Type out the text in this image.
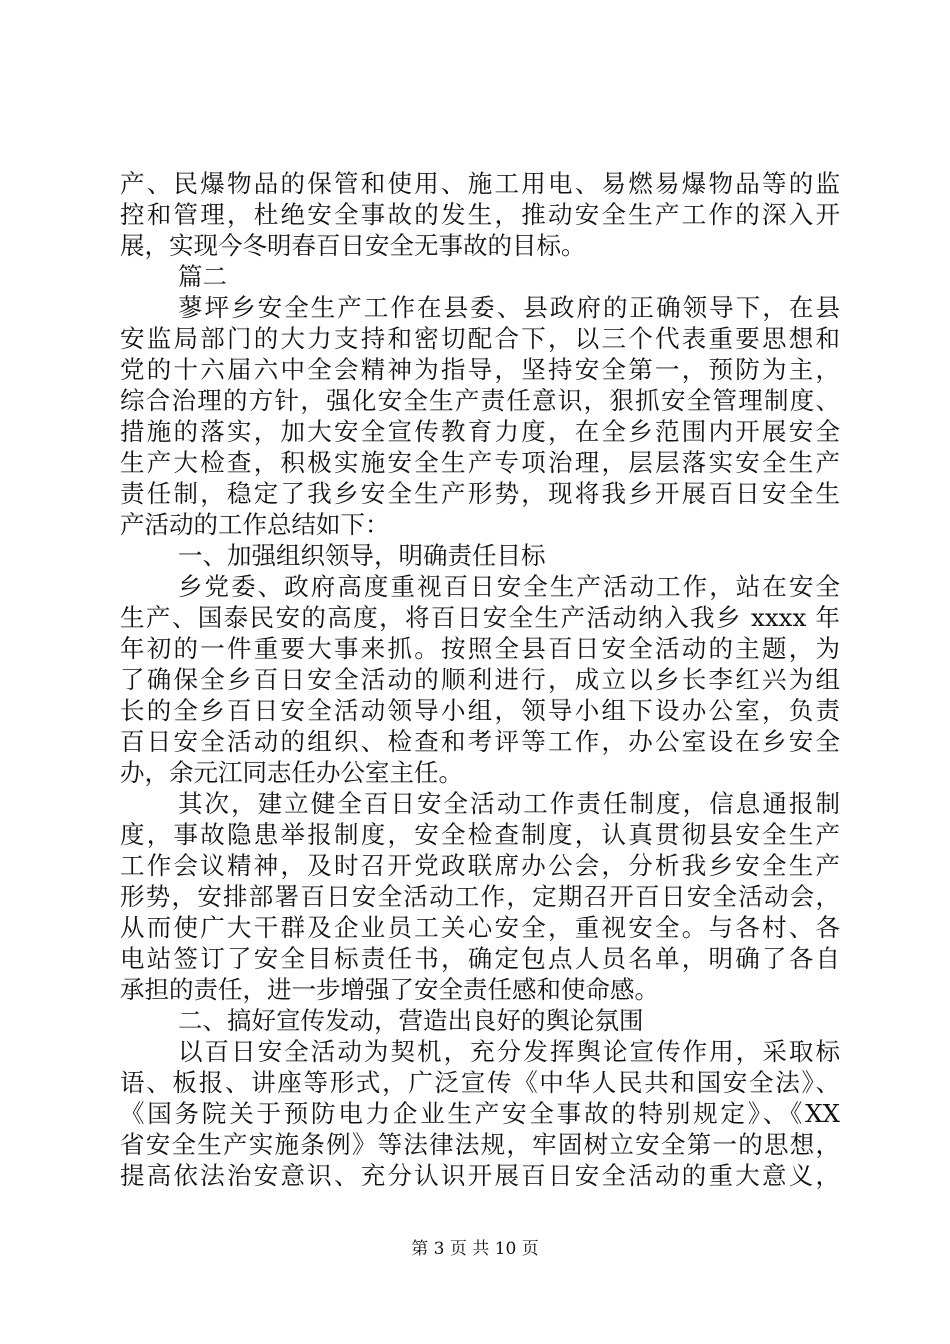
产、民爆物品的保管和使用、施工用电、易燃易爆物品等的监
控和管理，杜绝安全事故的发生，推动安全生产工作的深入开
展，实现今冬明春百日安全无事故的目标。
篇二
蓼坪乡安全生产工作在县委、县政府的正确领导下，在县
安监局部门的大力支持和密切配合下，以三个代表重要思想和
党的十六届六中全会精神为指导，坚持安全第一，预防为主，
综合治理的方针，强化安全生产责任意识，狠抓安全管理制度、
措施的落实，加大安全宣传教育力度，在全乡范围内开展安全
生产大检查，积极实施安全生产专项治理，层层落实安全生产
责任制，稳定了我乡安全生产形势，现将我乡开展百日安全生
产活动的工作总结如下：
一、加强组织领导，明确责任目标
乡党委、政府高度重视百日安全生产活动工作，站在安全
生产、国泰民安的高度，将百日安全生产活动纳入我乡 xxxx 年
年初的一件重要大事来抓。按照全县百日安全活动的主题，为
了确保全乡百日安全活动的顺利进行，成立以乡长李红兴为组
长的全乡百日安全活动领导小组，领导小组下设办公室，负责
百日安全活动的组织、检查和考评等工作，办公室设在乡安全
办，余元江同志任办公室主任。
其次，建立健全百日安全活动工作责任制度，信息通报制
度，事故隐患举报制度，安全检查制度，认真贯彻县安全生产
工作会议精神，及时召开党政联席办公会，分析我乡安全生产
形势，安排部署百日安全活动工作，定期召开百日安全活动会，
从而使广大干群及企业员工关心安全，重视安全。与各村、各
电站签订了安全目标责任书，确定包点人员名单，明确了各自
承担的责任，进一步增强了安全责任感和使命感。
二、搞好宣传发动，营造出良好的舆论氛围
以百日安全活动为契机，充分发挥舆论宣传作用，采取标
语、板报、讲座等形式，广泛宣传《中华人民共和国安全法》、
《国务院关于预防电力企业生产安全事故的特别规定》、《XX
省安全生产实施条例》等法律法规，牢固树立安全第一的思想，
提高依法治安意识、充分认识开展百日安全活动的重大意义，
第 3 页 共 10 页
